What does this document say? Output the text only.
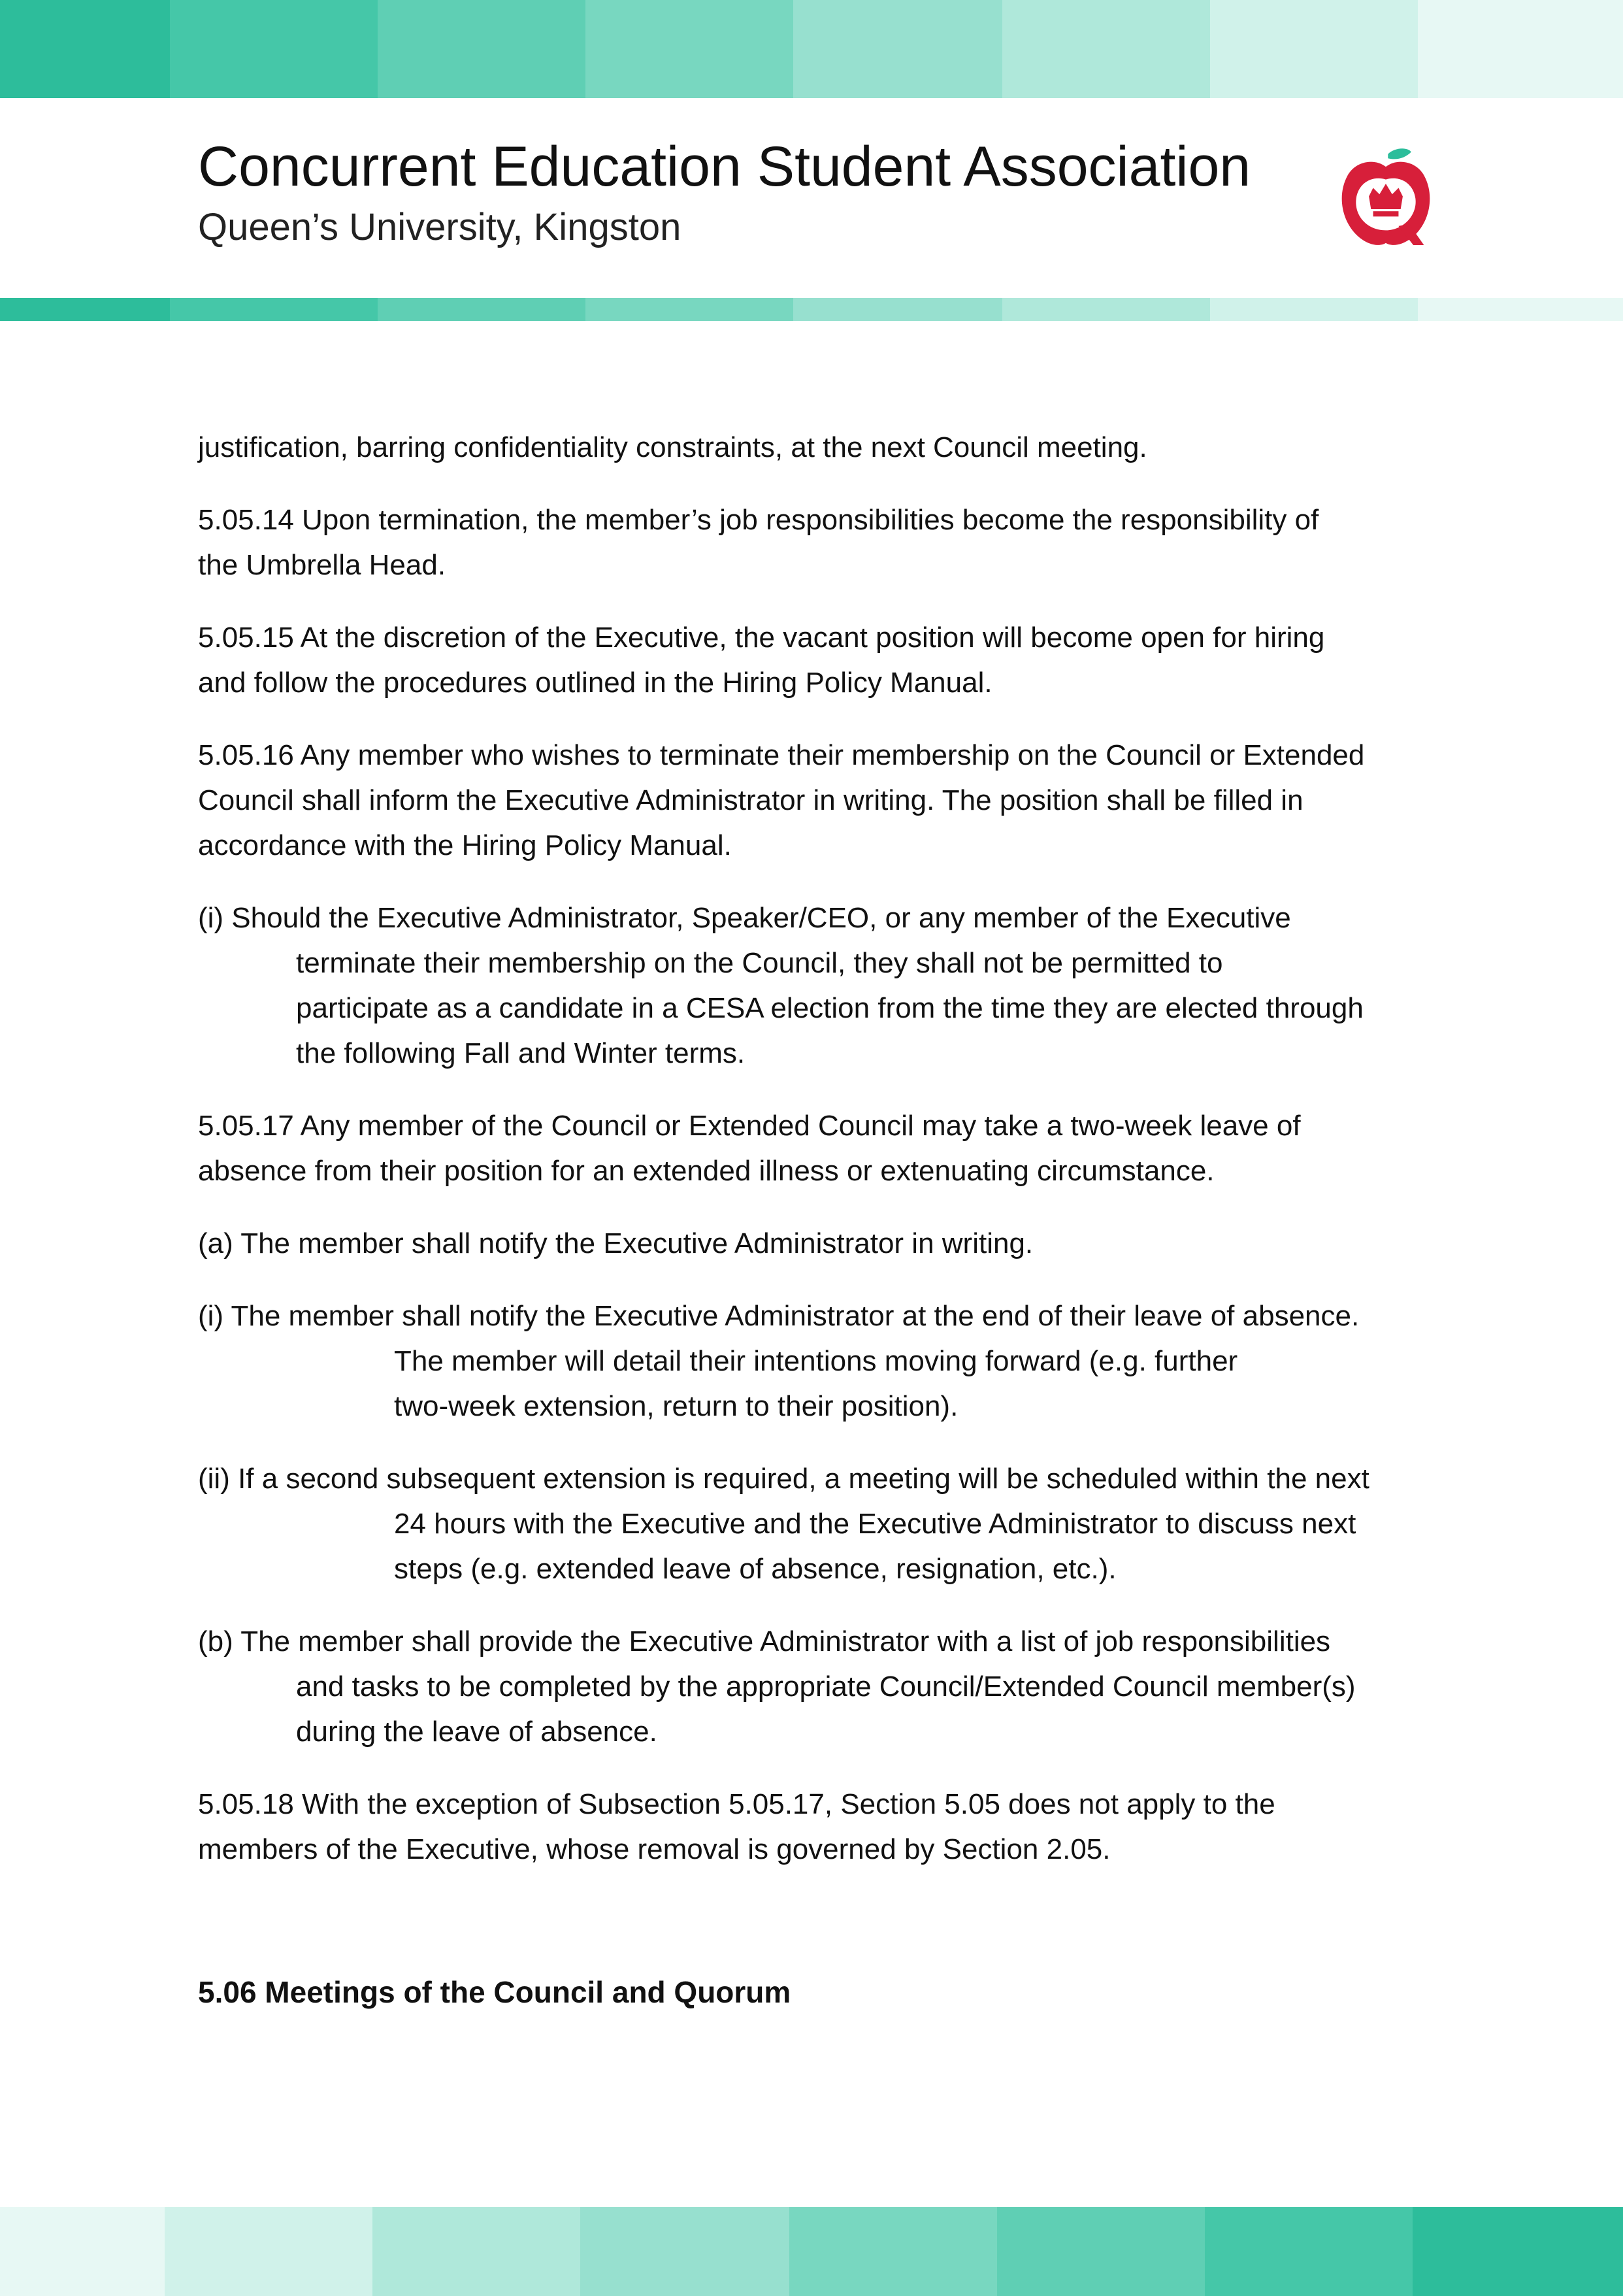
Concurrent Education Student Association
Queen’s University, Kingston
justification, barring confidentiality constraints, at the next Council meeting.
5.05.14 Upon termination, the member’s job responsibilities become the responsibility of
the Umbrella Head.
5.05.15 At the discretion of the Executive, the vacant position will become open for hiring
and follow the procedures outlined in the Hiring Policy Manual.
5.05.16 Any member who wishes to terminate their membership on the Council or Extended
Council shall inform the Executive Administrator in writing. The position shall be filled in
accordance with the Hiring Policy Manual.
(i) Should the Executive Administrator, Speaker/CEO, or any member of the Executive
terminate their membership on the Council, they shall not be permitted to
participate as a candidate in a CESA election from the time they are elected through
the following Fall and Winter terms.
5.05.17 Any member of the Council or Extended Council may take a two-week leave of
absence from their position for an extended illness or extenuating circumstance.
(a) The member shall notify the Executive Administrator in writing.
(i) The member shall notify the Executive Administrator at the end of their leave of absence.
The member will detail their intentions moving forward (e.g. further
two-week extension, return to their position).
(ii) If a second subsequent extension is required, a meeting will be scheduled within the next
24 hours with the Executive and the Executive Administrator to discuss next
steps (e.g. extended leave of absence, resignation, etc.).
(b) The member shall provide the Executive Administrator with a list of job responsibilities
and tasks to be completed by the appropriate Council/Extended Council member(s)
during the leave of absence.
5.05.18 With the exception of Subsection 5.05.17, Section 5.05 does not apply to the
members of the Executive, whose removal is governed by Section 2.05.
5.06 Meetings of the Council and Quorum
